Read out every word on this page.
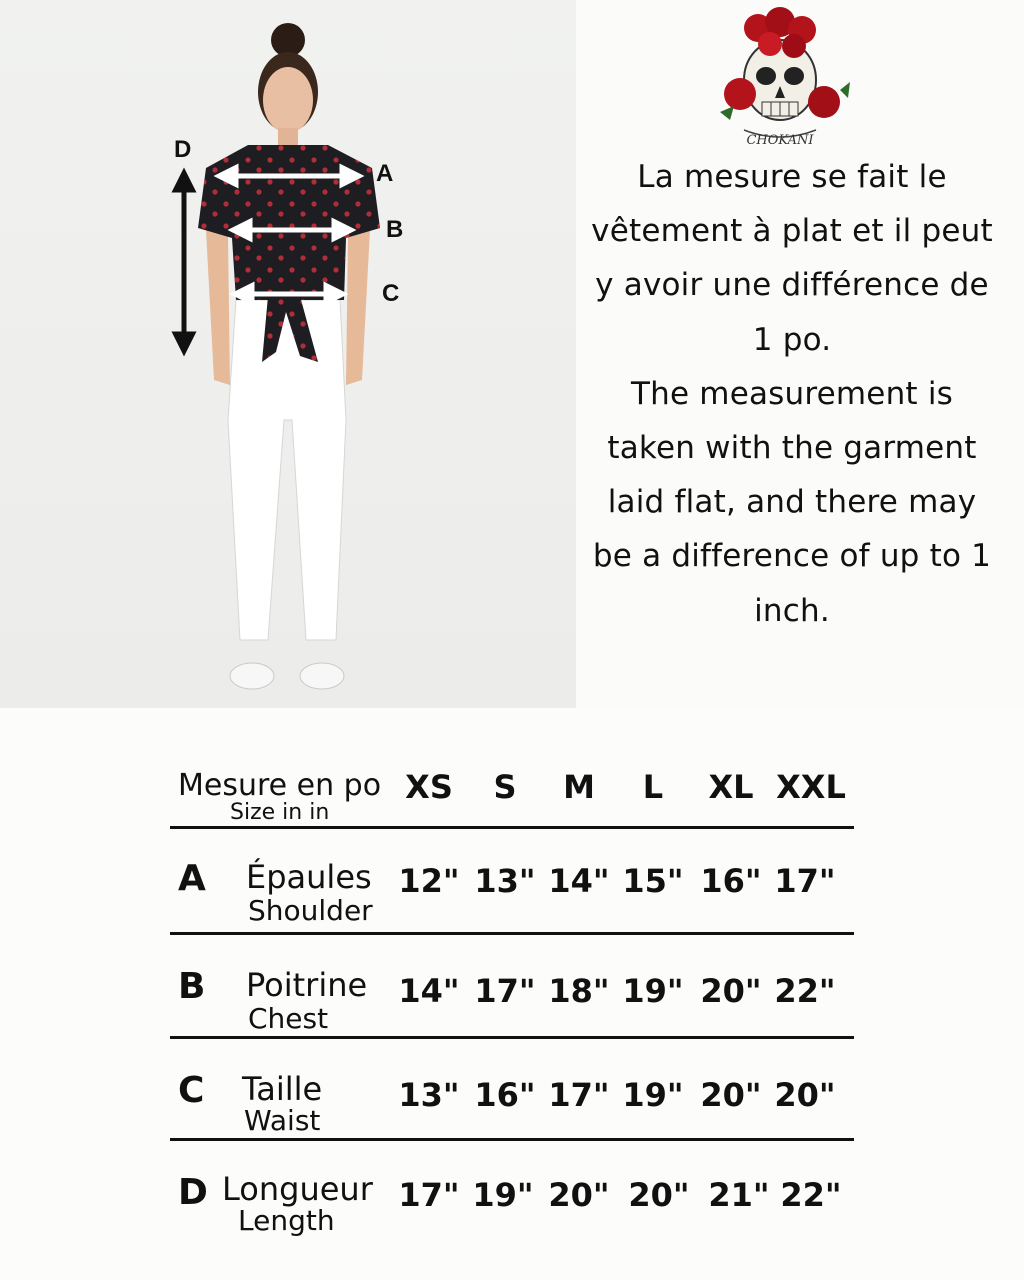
D
A
B
C
CHOKANI

La mesure se fait le vêtement à plat et il peut y avoir une différence de 1 po.

The measurement is taken with the garment laid flat, and there may be a difference of up to 1 inch.

Mesure en po
Size in in
XS	S	M	L	XL XXL
A Épaules
Shoulder
12" 13" 14" 15" 16" 17"
B Poitrine
Chest
14" 17" 18" 19" 20" 22"
C Taille
Waist
13" 16" 17" 19" 20" 20"
D Longueur
Length
17" 19" 20" 20" 21" 22"
